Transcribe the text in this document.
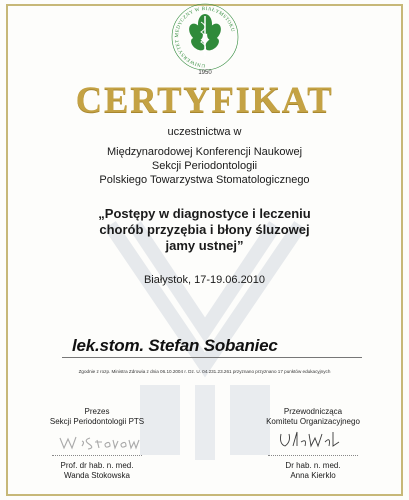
UNIWERSYTET MEDYCZNY W BIAŁYMSTOKU
1950
CERTYFIKAT
uczestnictwa w
Międzynarodowej Konferencji Naukowej
Sekcji Periodontologii
Polskiego Towarzystwa Stomatologicznego
„Postępy w diagnostyce i leczeniu
chorób przyzębia i błony śluzowej
jamy ustnej”
Białystok, 17-19.06.2010
lek.stom. Stefan Sobaniec
Zgodnie z rozp. Ministra Zdrowia z dnia 06.10.2004 r. Dz. U. 04.231.23.261 przyznano przyznano 17 punktów edukacyjnych
Prezes
Sekcji Periodontologii PTS
Prof. dr hab. n. med.
Wanda Stokowska
Przewodnicząca
Komitetu Organizacyjnego
Dr hab. n. med.
Anna Kierklo
